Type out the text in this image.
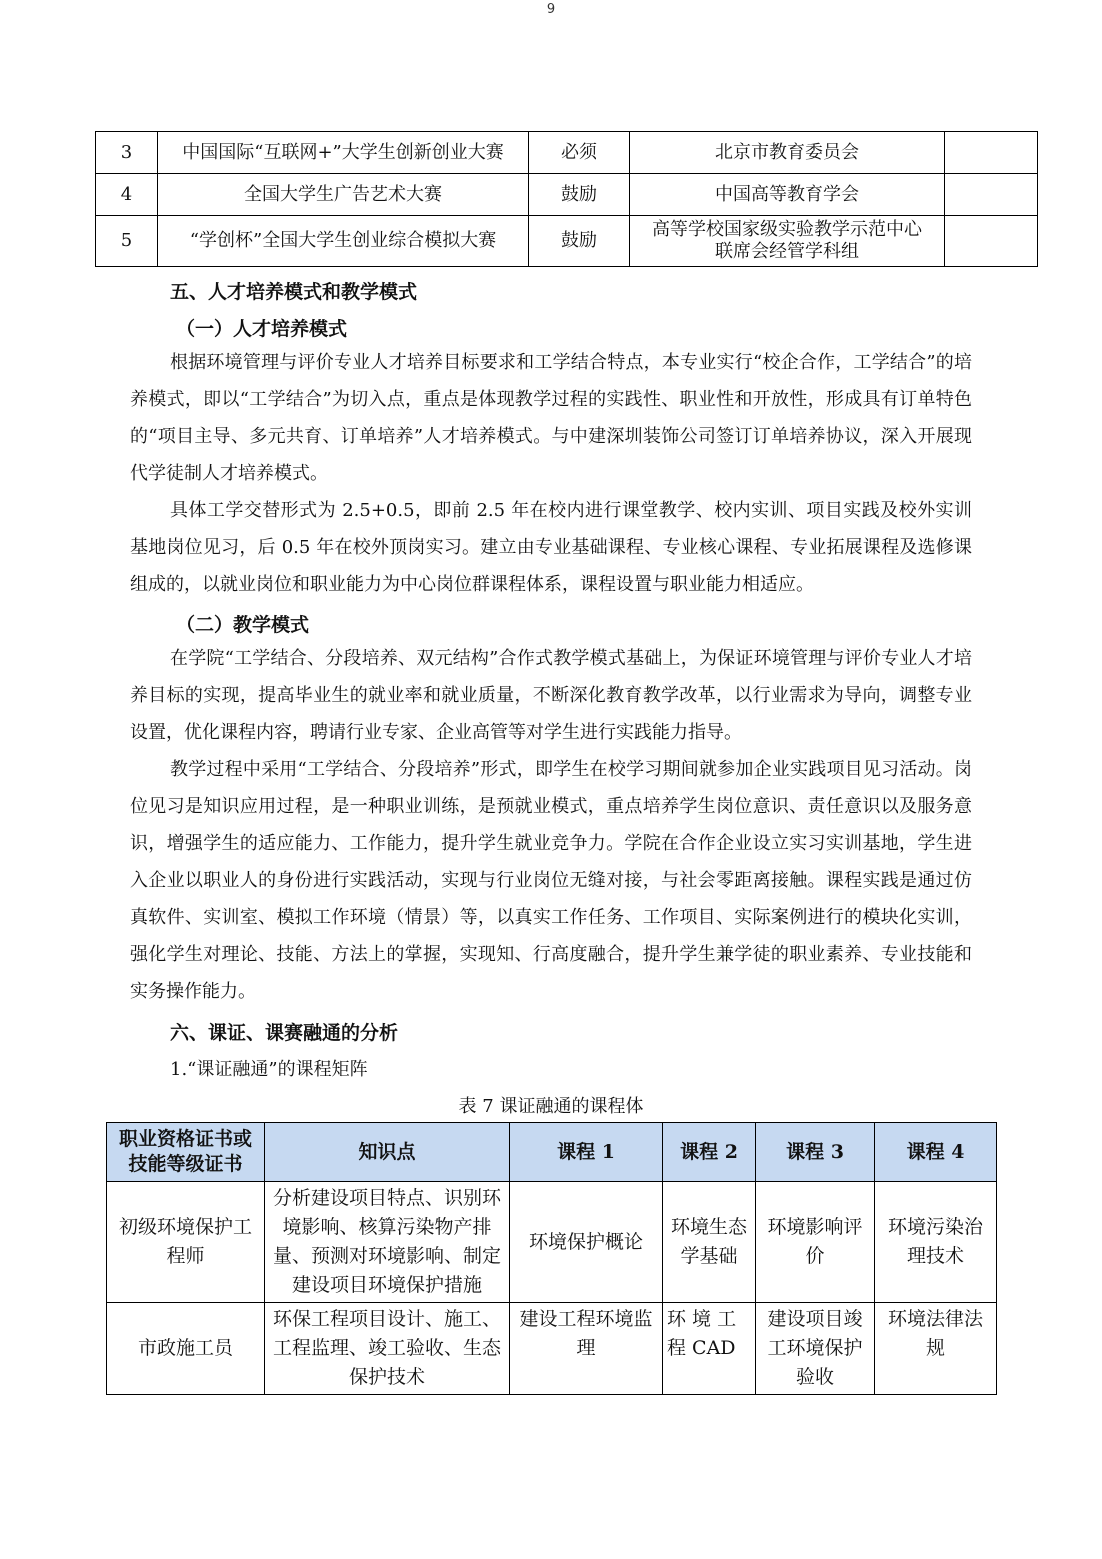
9
3	中国国际“互联网+”大学生创新创业大赛	必须	北京市教育委员会	
4	全国大学生广告艺术大赛	鼓励	中国高等教育学会	
5	“学创杯”全国大学生创业综合模拟大赛	鼓励	高等学校国家级实验教学示范中心
联席会经管学科组	

五、人才培养模式和教学模式
（一）人才培养模式

根据环境管理与评价专业人才培养目标要求和工学结合特点，本专业实行“校企合作，工学结合”的培养模式，即以“工学结合”为切入点，重点是体现教学过程的实践性、职业性和开放性，形成具有订单特色的“项目主导、多元共育、订单培养”人才培养模式。与中建深圳装饰公司签订订单培养协议，深入开展现代学徒制人才培养模式。

具体工学交替形式为 2.5+0.5，即前 2.5 年在校内进行课堂教学、校内实训、项目实践及校外实训基地岗位见习，后 0.5 年在校外顶岗实习。建立由专业基础课程、专业核心课程、专业拓展课程及选修课组成的，以就业岗位和职业能力为中心岗位群课程体系，课程设置与职业能力相适应。

（二）教学模式

在学院“工学结合、分段培养、双元结构”合作式教学模式基础上，为保证环境管理与评价专业人才培养目标的实现，提高毕业生的就业率和就业质量，不断深化教育教学改革，以行业需求为导向，调整专业设置，优化课程内容，聘请行业专家、企业高管等对学生进行实践能力指导。

教学过程中采用“工学结合、分段培养”形式，即学生在校学习期间就参加企业实践项目见习活动。岗位见习是知识应用过程，是一种职业训练，是预就业模式，重点培养学生岗位意识、责任意识以及服务意识，增强学生的适应能力、工作能力，提升学生就业竞争力。学院在合作企业设立实习实训基地，学生进入企业以职业人的身份进行实践活动，实现与行业岗位无缝对接，与社会零距离接触。课程实践是通过仿真软件、实训室、模拟工作环境（情景）等，以真实工作任务、工作项目、实际案例进行的模块化实训，强化学生对理论、技能、方法上的掌握，实现知、行高度融合，提升学生兼学徒的职业素养、专业技能和实务操作能力。

六、课证、课赛融通的分析
1.“课证融通”的课程矩阵
表 7 课证融通的课程体
职业资格证书或技能等级证书	知识点	课程 1	课程 2	课程 3	课程 4
初级环境保护工程师	分析建设项目特点、识别环境影响、核算污染物产排量、预测对环境影响、制定建设项目环境保护措施	环境保护概论	环境生态学基础	环境影响评价	环境污染治理技术
市政施工员	环保工程项目设计、施工、工程监理、竣工验收、生态保护技术	建设工程环境监理	环 境 工 程 CAD	建设项目竣工环境保护验收	环境法律法规
